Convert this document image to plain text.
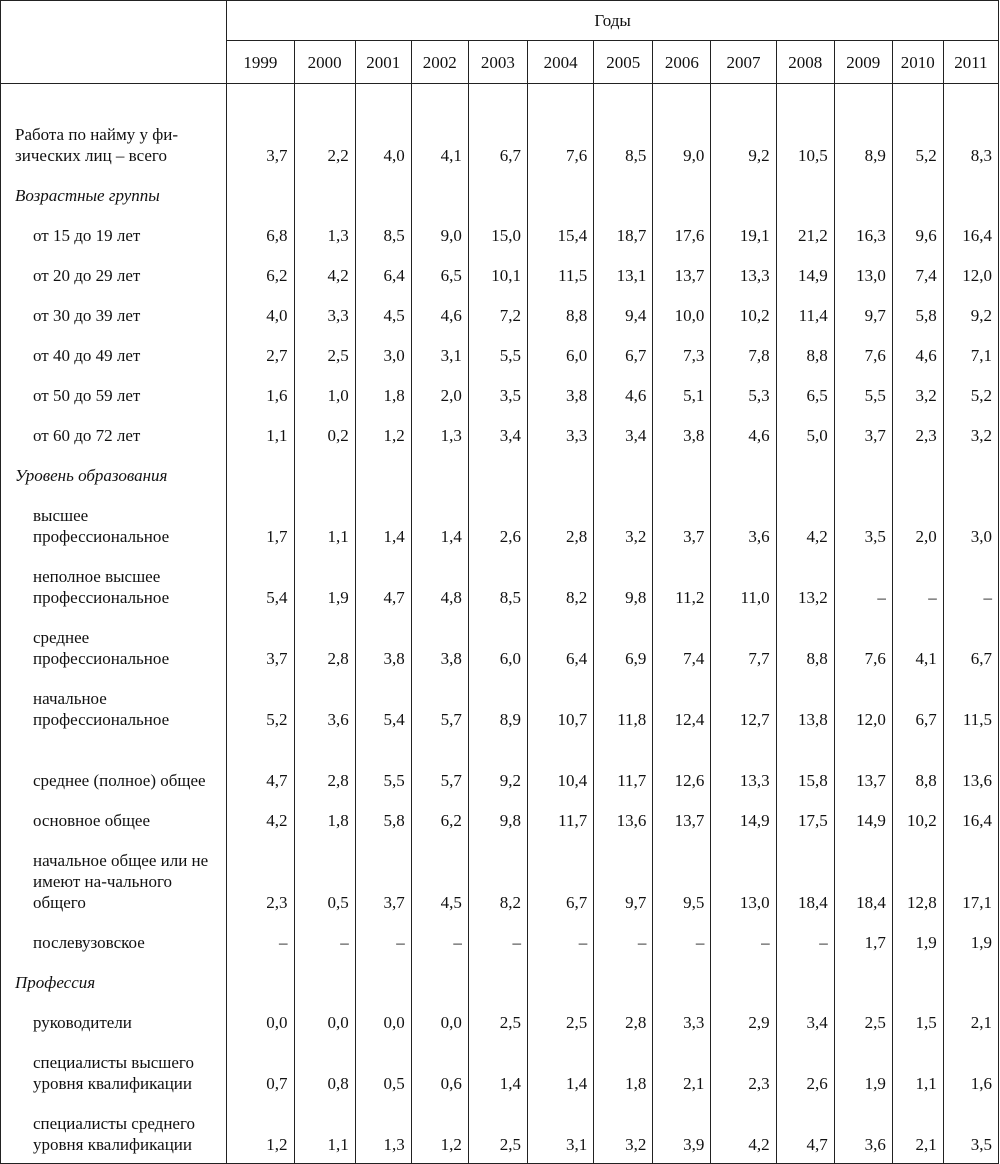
	Годы												
	1999	2000	2001	2002	2003	2004	2005	2006	2007	2008	2009	2010	2011
Работа по найму у фи-зических лиц – всего	3,7	2,2	4,0	4,1	6,7	7,6	8,5	9,0	9,2	10,5	8,9	5,2	8,3
Возрастные группы													
от 15 до 19 лет	6,8	1,3	8,5	9,0	15,0	15,4	18,7	17,6	19,1	21,2	16,3	9,6	16,4
от 20 до 29 лет	6,2	4,2	6,4	6,5	10,1	11,5	13,1	13,7	13,3	14,9	13,0	7,4	12,0
от 30 до 39 лет	4,0	3,3	4,5	4,6	7,2	8,8	9,4	10,0	10,2	11,4	9,7	5,8	9,2
от 40 до 49 лет	2,7	2,5	3,0	3,1	5,5	6,0	6,7	7,3	7,8	8,8	7,6	4,6	7,1
от 50 до 59 лет	1,6	1,0	1,8	2,0	3,5	3,8	4,6	5,1	5,3	6,5	5,5	3,2	5,2
от 60 до 72 лет	1,1	0,2	1,2	1,3	3,4	3,3	3,4	3,8	4,6	5,0	3,7	2,3	3,2
Уровень образования													
высшее профессиональное	1,7	1,1	1,4	1,4	2,6	2,8	3,2	3,7	3,6	4,2	3,5	2,0	3,0
неполное высшее профессиональное	5,4	1,9	4,7	4,8	8,5	8,2	9,8	11,2	11,0	13,2	–	–	–
среднее профессиональное	3,7	2,8	3,8	3,8	6,0	6,4	6,9	7,4	7,7	8,8	7,6	4,1	6,7
начальное профессиональное	5,2	3,6	5,4	5,7	8,9	10,7	11,8	12,4	12,7	13,8	12,0	6,7	11,5
среднее (полное) общее	4,7	2,8	5,5	5,7	9,2	10,4	11,7	12,6	13,3	15,8	13,7	8,8	13,6
основное общее	4,2	1,8	5,8	6,2	9,8	11,7	13,6	13,7	14,9	17,5	14,9	10,2	16,4
начальное общее или не имеют на-чального общего	2,3	0,5	3,7	4,5	8,2	6,7	9,7	9,5	13,0	18,4	18,4	12,8	17,1
послевузовское	–	–	–	–	–	–	–	–	–	–	1,7	1,9	1,9
Профессия													
руководители	0,0	0,0	0,0	0,0	2,5	2,5	2,8	3,3	2,9	3,4	2,5	1,5	2,1
специалисты высшего уровня квалификации	0,7	0,8	0,5	0,6	1,4	1,4	1,8	2,1	2,3	2,6	1,9	1,1	1,6
специалисты среднего уровня квалификации	1,2	1,1	1,3	1,2	2,5	3,1	3,2	3,9	4,2	4,7	3,6	2,1	3,5
